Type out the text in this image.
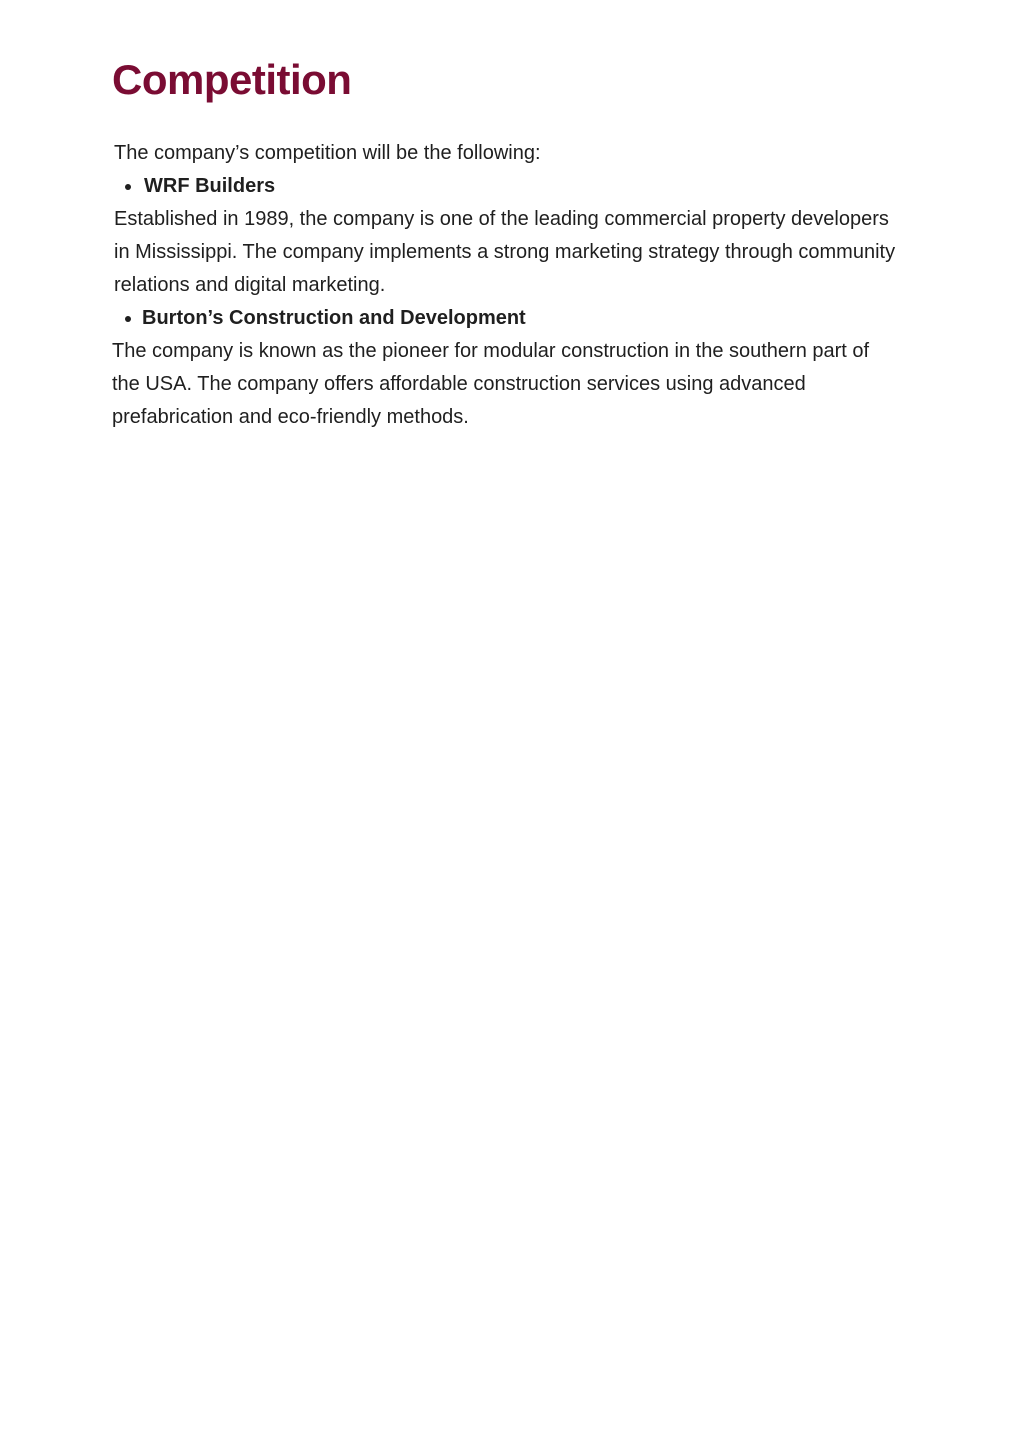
Competition

The company’s competition will be the following:

WRF Builders

Established in 1989, the company is one of the leading commercial property developers in Mississippi. The company implements a strong marketing strategy through community relations and digital marketing.

Burton’s Construction and Development

The company is known as the pioneer for modular construction in the southern part of the USA. The company offers affordable construction services using advanced prefabrication and eco-friendly methods.
